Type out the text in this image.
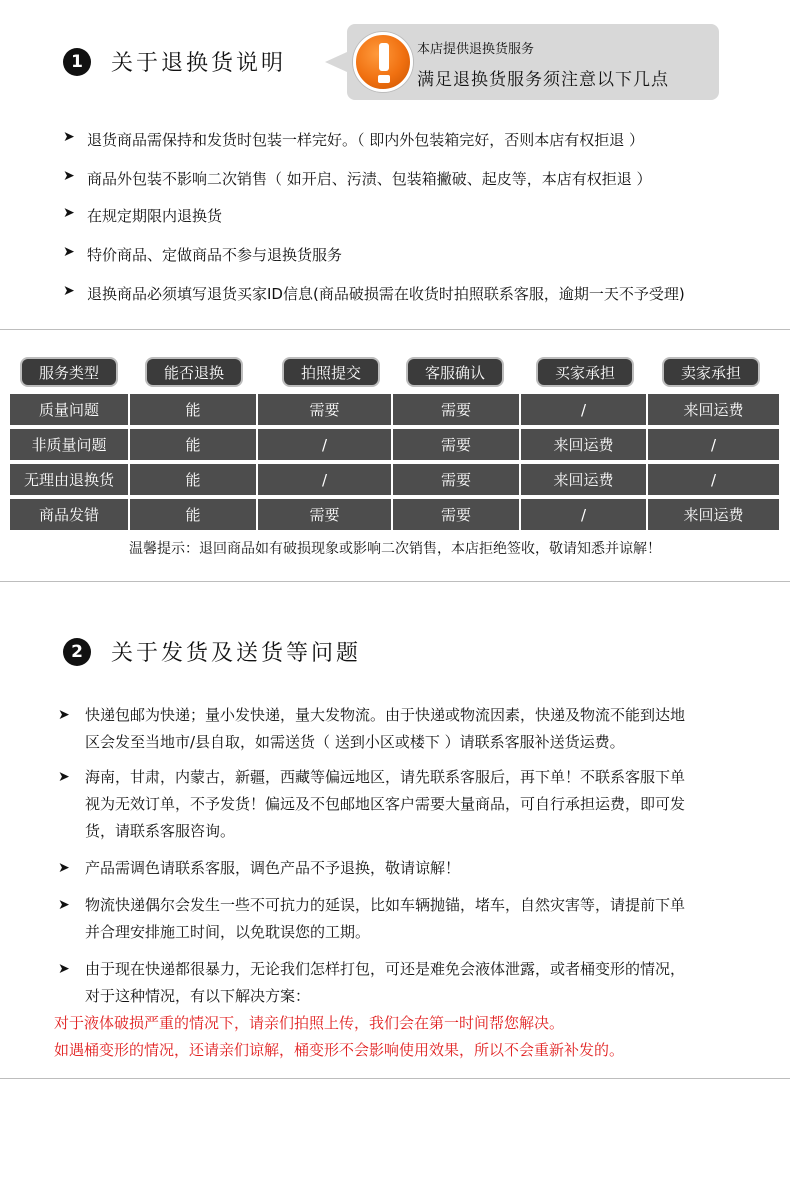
1	关于退换货说明
本店提供退换货服务
满足退换货服务须注意以下几点
➤ 退货商品需保持和发货时包装一样完好。（ 即内外包装箱完好，否则本店有权拒退 ）
➤ 商品外包装不影响二次销售（ 如开启、污渍、包装箱撇破、起皮等，本店有权拒退 ）
➤ 在规定期限内退换货
➤ 特价商品、定做商品不参与退换货服务
➤ 退换商品必须填写退货买家ID信息(商品破损需在收货时拍照联系客服，逾期一天不予受理)
服务类型	能否退换	拍照提交	客服确认	买家承担	卖家承担
质量问题	能	需要	需要	/	来回运费
非质量问题	能	/	需要	来回运费	/
无理由退换货	能	/	需要	来回运费	/
商品发错	能	需要	需要	/	来回运费
温馨提示：退回商品如有破损现象或影响二次销售，本店拒绝签收，敬请知悉并谅解！
2	关于发货及送货等问题
➤	快递包邮为快递；量小发快递，量大发物流。由于快递或物流因素，快递及物流不能到达地
区会发至当地市/县自取，如需送货（ 送到小区或楼下 ）请联系客服补送货运费。
➤	海南，甘肃，内蒙古，新疆，西藏等偏远地区，请先联系客服后，再下单！不联系客服下单
视为无效订单，不予发货！偏远及不包邮地区客户需要大量商品，可自行承担运费，即可发
货，请联系客服咨询。
➤	产品需调色请联系客服，调色产品不予退换，敬请谅解！
➤	物流快递偶尔会发生一些不可抗力的延误，比如车辆抛锚，堵车，自然灾害等，请提前下单
并合理安排施工时间，以免耽误您的工期。
➤	由于现在快递都很暴力，无论我们怎样打包，可还是难免会液体泄露，或者桶变形的情况，
对于这种情况，有以下解决方案：
对于液体破损严重的情况下，请亲们拍照上传，我们会在第一时间帮您解决。
如遇桶变形的情况，还请亲们谅解，桶变形不会影响使用效果，所以不会重新补发的。
